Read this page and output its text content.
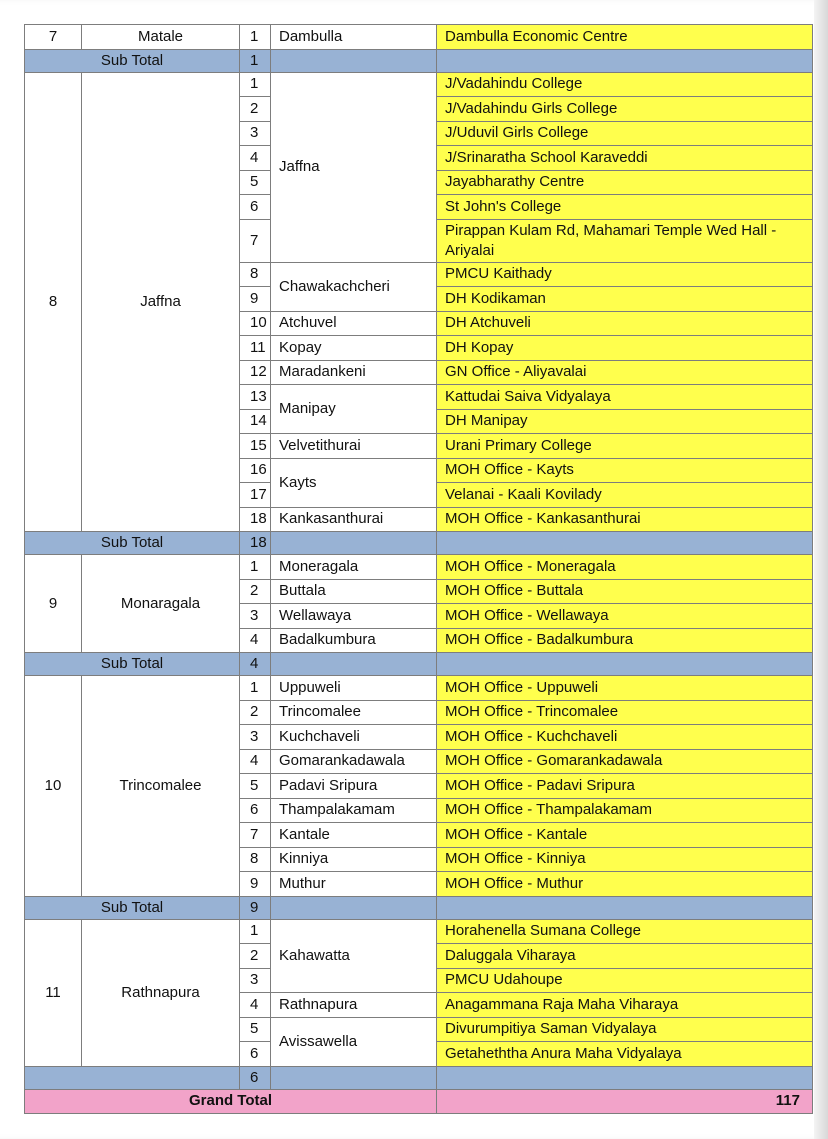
7	Matale	1	Dambulla	Dambulla Economic Centre
Sub Total		1		
8	Jaffna	1	Jaffna	J/Vadahindu College
		2		J/Vadahindu Girls College
		3		J/Uduvil Girls College
		4		J/Srinaratha School Karaveddi
		5		Jayabharathy Centre
		6		St John's College
		7		Pirappan Kulam Rd, Mahamari Temple Wed Hall - Ariyalai
		8	Chawakachcheri	PMCU Kaithady
		9		DH Kodikaman
		10	Atchuvel	DH Atchuveli
		11	Kopay	DH Kopay
		12	Maradankeni	GN Office - Aliyavalai
		13	Manipay	Kattudai Saiva Vidyalaya
		14		DH Manipay
		15	Velvetithurai	Urani Primary College
		16	Kayts	MOH Office - Kayts
		17		Velanai - Kaali Kovilady
		18	Kankasanthurai	MOH Office - Kankasanthurai
Sub Total		18		
9	Monaragala	1	Moneragala	MOH Office - Moneragala
		2	Buttala	MOH Office - Buttala
		3	Wellawaya	MOH Office - Wellawaya
		4	Badalkumbura	MOH Office - Badalkumbura
Sub Total		4		
10	Trincomalee	1	Uppuweli	MOH Office - Uppuweli
		2	Trincomalee	MOH Office - Trincomalee
		3	Kuchchaveli	MOH Office - Kuchchaveli
		4	Gomarankadawala	MOH Office - Gomarankadawala
		5	Padavi Sripura	MOH Office - Padavi Sripura
		6	Thampalakamam	MOH Office - Thampalakamam
		7	Kantale	MOH Office - Kantale
		8	Kinniya	MOH Office - Kinniya
		9	Muthur	MOH Office - Muthur
Sub Total		9		
11	Rathnapura	1	Kahawatta	Horahenella Sumana College
		2		Daluggala Viharaya
		3		PMCU Udahoupe
		4	Rathnapura	Anagammana Raja Maha Viharaya
		5	Avissawella	Divurumpitiya Saman Vidyalaya
		6		Getaheththa Anura Maha Vidyalaya
		6		
Grand Total				117
